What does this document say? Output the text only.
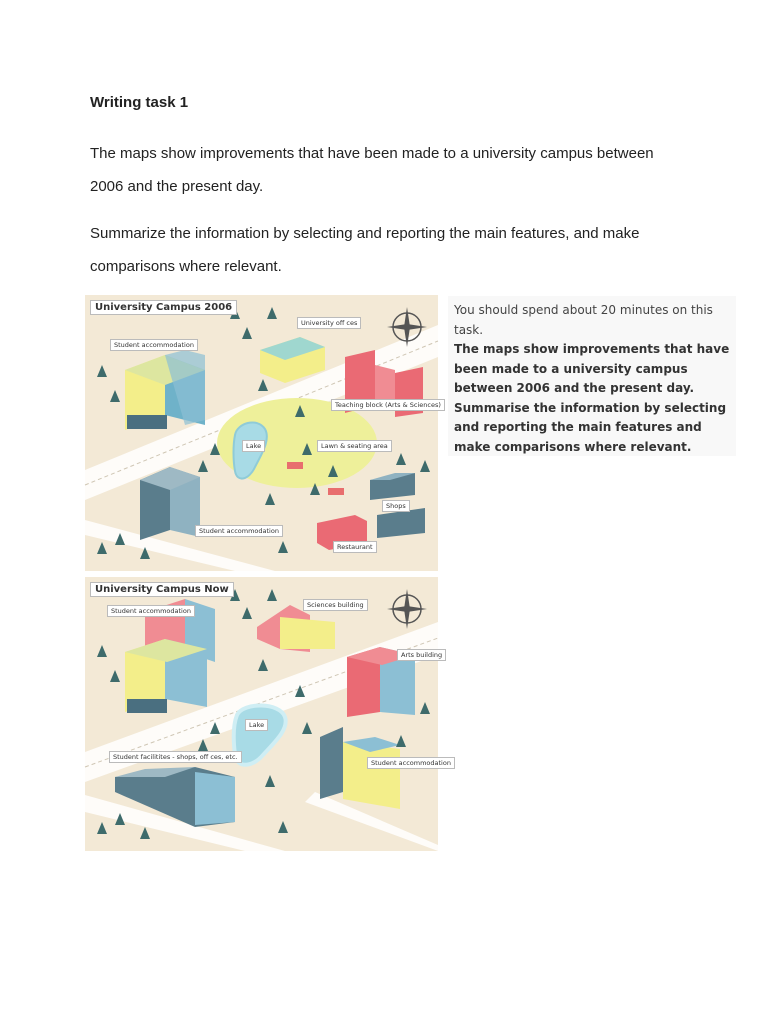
Writing task 1
The maps show improvements that have been made to a university campus between 2006 and the present day.
Summarize the information by selecting and reporting the main features, and make comparisons where relevant.
University Campus 2006
Student accommodation
University off ces
Teaching block (Arts & Sciences)
Lake	Lawn & seating area
Shops
Student accommodation
Restaurant
University Campus Now
Student accommodation
Sciences building
Arts building
Lake
Student facilitites - shops, off ces, etc.
Student accommodation
You should spend about 20 minutes on this task.
The maps show improvements that have been made to a university campus between 2006 and the present day.
Summarise the information by selecting and reporting the main features and make comparisons where relevant.
